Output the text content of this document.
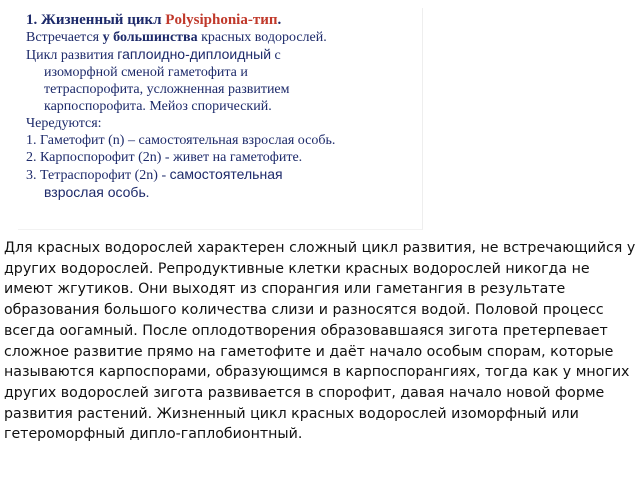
1. Жизненный цикл Polysiphonia-тип.
Встречается у большинства красных водорослей.
Цикл развития гаплоидно-диплоидный с
изоморфной сменой гаметофита и
тетраспорофита, усложненная развитием
карпоспорофита. Мейоз спорический.
Чередуются:
1. Гаметофит (n) – самостоятельная взрослая особь.
2. Карпоспорофит (2n) - живет на гаметофите.
3. Тетраспорофит (2n) - самостоятельная
взрослая особь.

Для красных водорослей характерен сложный цикл развития, не встречающийся у других водорослей. Репродуктивные клетки красных водорослей никогда не имеют жгутиков. Они выходят из спорангия или гаметангия в результате образования большого количества слизи и разносятся водой. Половой процесс всегда оогамный. После оплодотворения образовавшаяся зигота претерпевает сложное развитие прямо на гаметофите и даёт начало особым спорам, которые называются карпоспорами, образующимся в карпоспорангиях, тогда как у многих других водорослей зигота развивается в спорофит, давая начало новой форме развития растений. Жизненный цикл красных водорослей изоморфный или гетероморфный дипло-гаплобионтный.
